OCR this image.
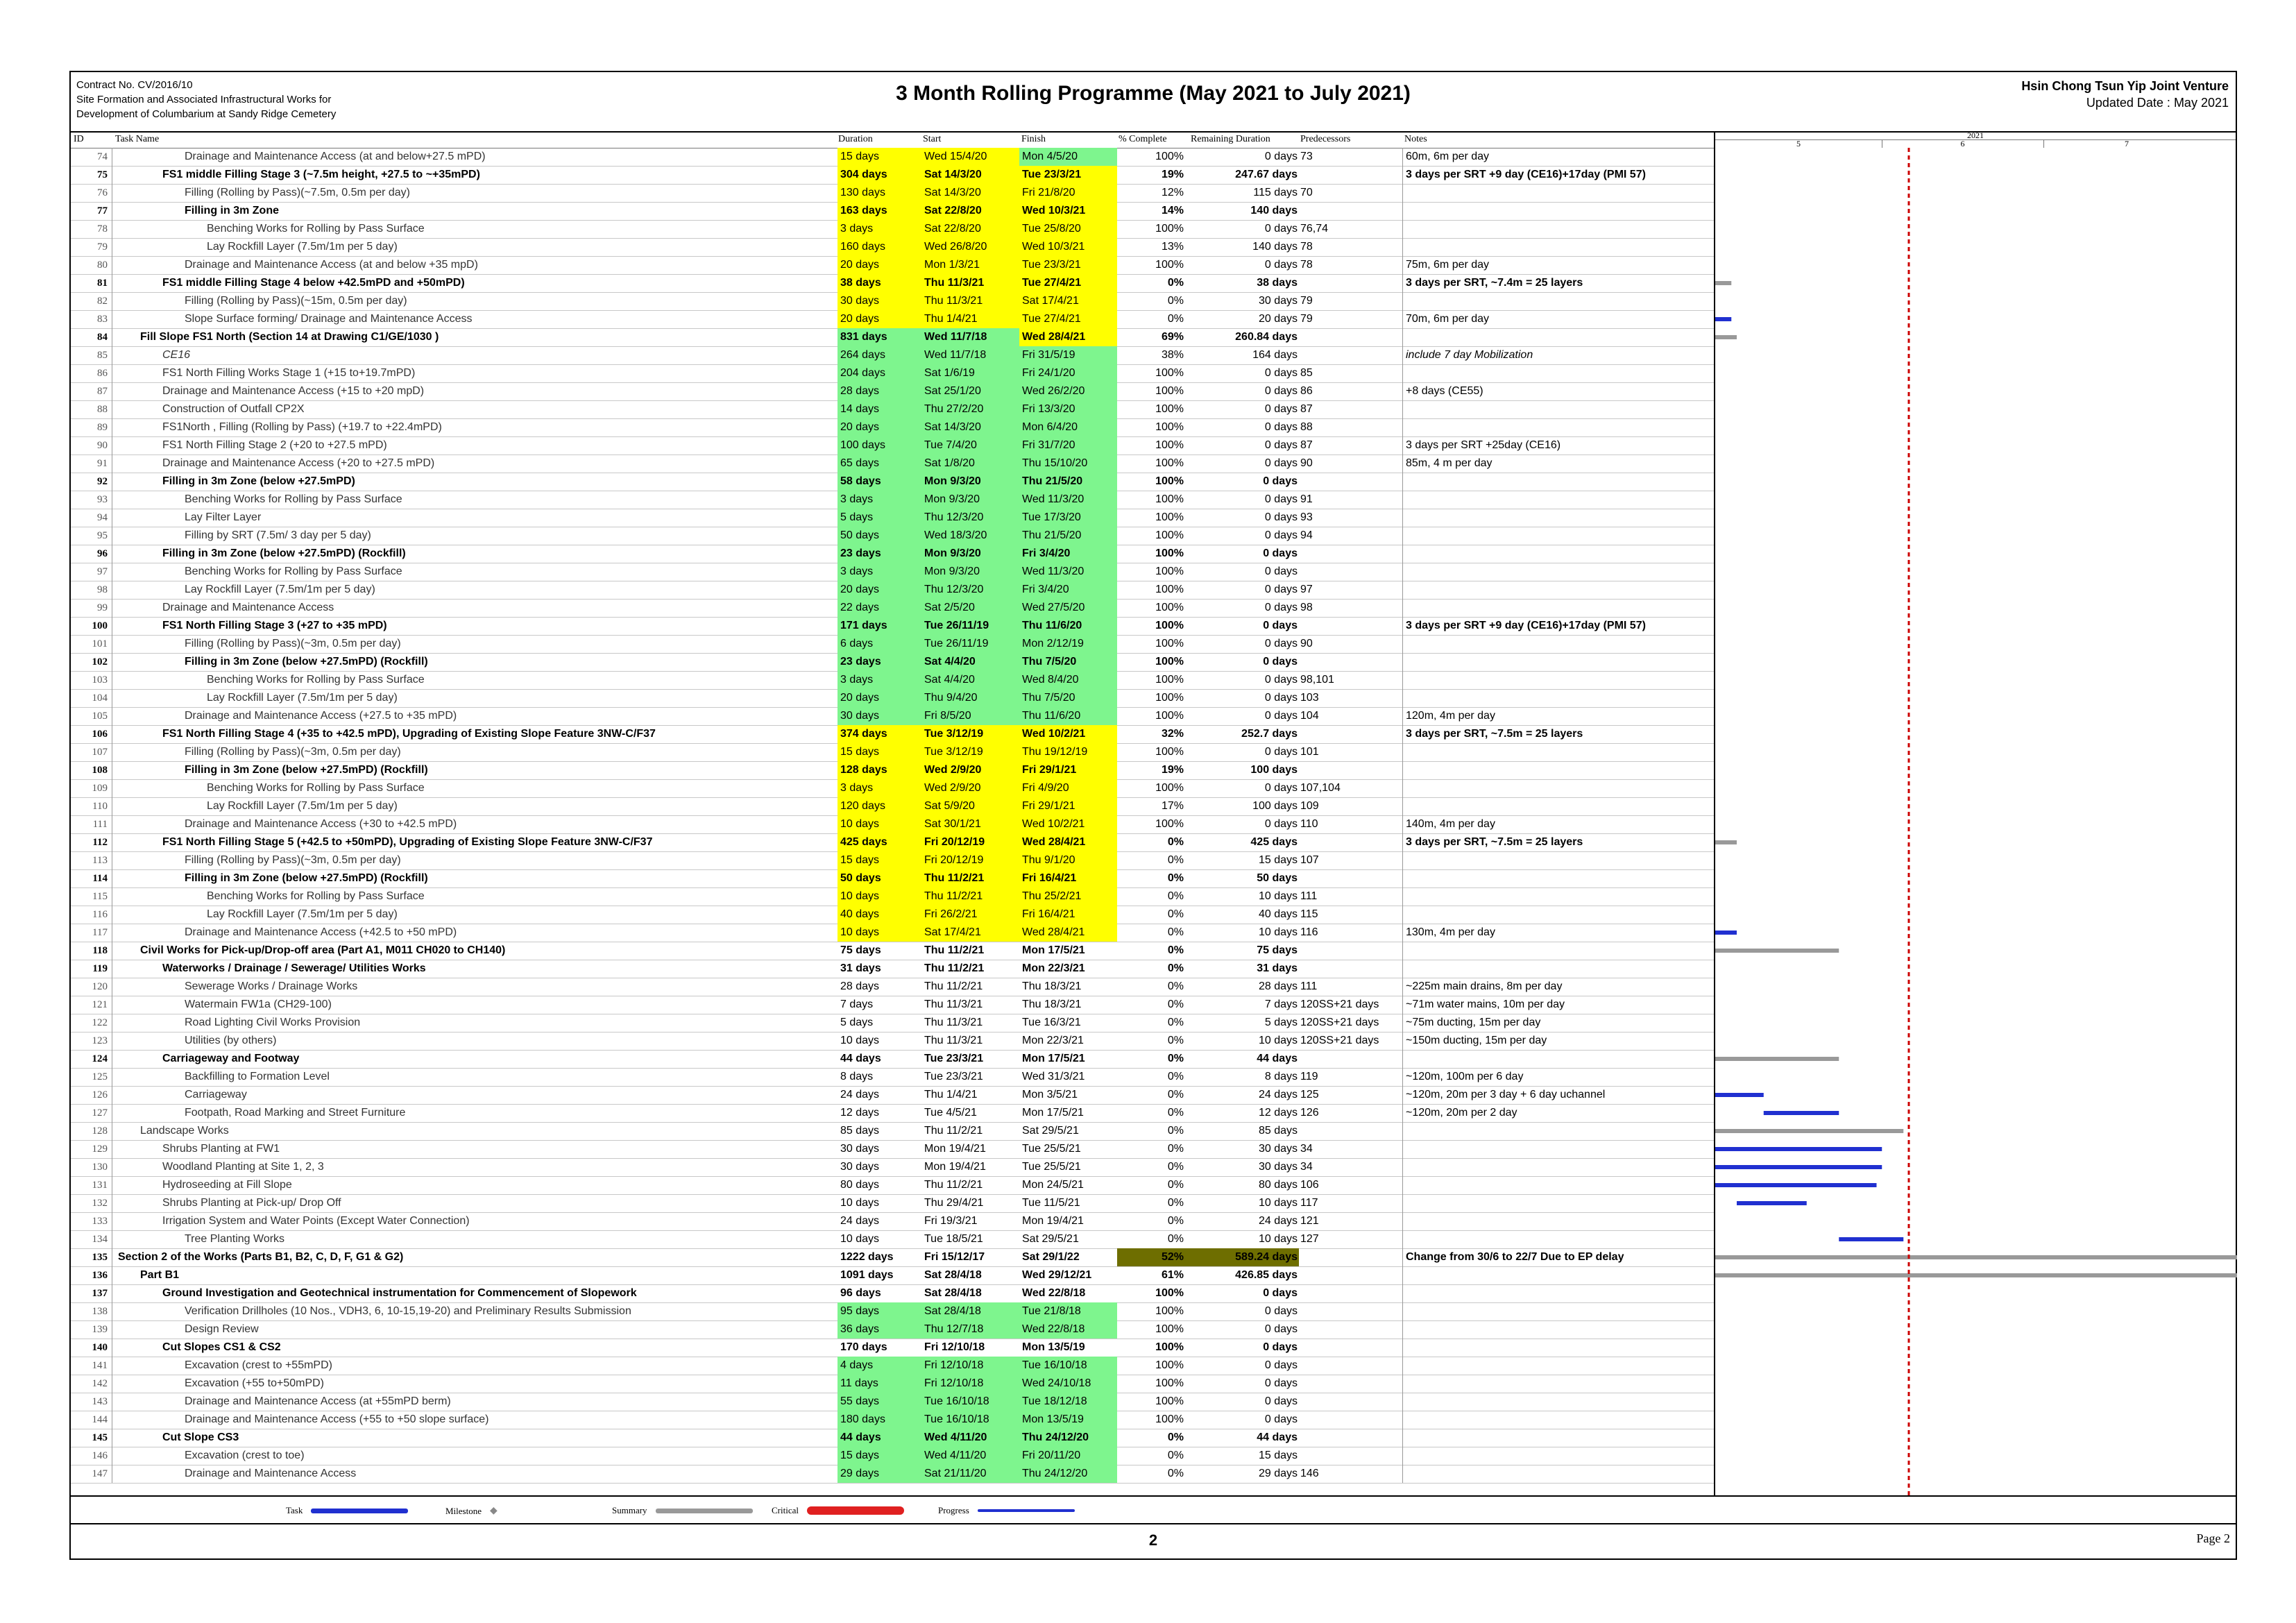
Contract No. CV/2016/10
Site Formation and Associated Infrastructural Works for
Development of Columbarium at Sandy Ridge Cemetery
3 Month Rolling Programme (May 2021 to July 2021)	Hsin Chong Tsun Yip Joint Venture
Updated Date : May 2021
ID	Task Name	Duration	Start	Finish	% Complete Remaining Duration	Predecessors	Notes
74	Drainage and Maintenance Access (at and below+27.5 mPD)	15 days	Wed 15/4/20	Mon 4/5/20	100%	0 days 73	60m, 6m per day
75	FS1 middle Filling Stage 3 (~7.5m height, +27.5 to ~+35mPD)	304 days	Sat 14/3/20	Tue 23/3/21	19%	247.67 days	3 days per SRT +9 day (CE16)+17day (PMI 57)
76	Filling (Rolling by Pass)(~7.5m, 0.5m per day)	130 days	Sat 14/3/20	Fri 21/8/20	12%	115 days 70
77	Filling in 3m Zone	163 days	Sat 22/8/20	Wed 10/3/21	14%	140 days
78	Benching Works for Rolling by Pass Surface	3 days	Sat 22/8/20	Tue 25/8/20	100%	0 days 76,74
79	Lay Rockfill Layer (7.5m/1m per 5 day)	160 days	Wed 26/8/20	Wed 10/3/21	13%	140 days 78
80	Drainage and Maintenance Access (at and below +35 mpD)	20 days	Mon 1/3/21	Tue 23/3/21	100%	0 days 78	75m, 6m per day
81	FS1 middle Filling Stage 4 below +42.5mPD and +50mPD)	38 days	Thu 11/3/21	Tue 27/4/21	0%	38 days	3 days per SRT, ~7.4m = 25 layers
82	Filling (Rolling by Pass)(~15m, 0.5m per day)	30 days	Thu 11/3/21	Sat 17/4/21	0%	30 days 79
83	Slope Surface forming/ Drainage and Maintenance Access	20 days	Thu 1/4/21	Tue 27/4/21	0%	20 days 79	70m, 6m per day
84	Fill Slope FS1 North (Section 14 at Drawing C1/GE/1030 )	831 days	Wed 11/7/18	Wed 28/4/21	69%	260.84 days
85	CE16	264 days	Wed 11/7/18	Fri 31/5/19	38%	164 days	include 7 day Mobilization
86	FS1 North Filling Works Stage 1 (+15 to+19.7mPD)	204 days	Sat 1/6/19	Fri 24/1/20	100%	0 days 85
87	Drainage and Maintenance Access (+15 to +20 mpD)	28 days	Sat 25/1/20	Wed 26/2/20	100%	0 days 86	+8 days (CE55)
88	Construction of Outfall CP2X	14 days	Thu 27/2/20	Fri 13/3/20	100%	0 days 87
89	FS1North , Filling (Rolling by Pass) (+19.7 to +22.4mPD)	20 days	Sat 14/3/20	Mon 6/4/20	100%	0 days 88
90	FS1 North Filling Stage 2 (+20 to +27.5 mPD)	100 days	Tue 7/4/20	Fri 31/7/20	100%	0 days 87	3 days per SRT +25day (CE16)
91	Drainage and Maintenance Access (+20 to +27.5 mPD)	65 days	Sat 1/8/20	Thu 15/10/20	100%	0 days 90	85m, 4 m per day
92	Filling in 3m Zone (below +27.5mPD)	58 days	Mon 9/3/20	Thu 21/5/20	100%	0 days
93	Benching Works for Rolling by Pass Surface	3 days	Mon 9/3/20	Wed 11/3/20	100%	0 days 91
94	Lay Filter Layer	5 days	Thu 12/3/20	Tue 17/3/20	100%	0 days 93
95	Filling by SRT (7.5m/ 3 day per 5 day)	50 days	Wed 18/3/20	Thu 21/5/20	100%	0 days 94
96	Filling in 3m Zone (below +27.5mPD) (Rockfill)	23 days	Mon 9/3/20	Fri 3/4/20	100%	0 days
97	Benching Works for Rolling by Pass Surface	3 days	Mon 9/3/20	Wed 11/3/20	100%	0 days
98	Lay Rockfill Layer (7.5m/1m per 5 day)	20 days	Thu 12/3/20	Fri 3/4/20	100%	0 days 97
99	Drainage and Maintenance Access	22 days	Sat 2/5/20	Wed 27/5/20	100%	0 days 98
100	FS1 North Filling Stage 3 (+27 to +35 mPD)	171 days	Tue 26/11/19	Thu 11/6/20	100%	0 days	3 days per SRT +9 day (CE16)+17day (PMI 57)
101	Filling (Rolling by Pass)(~3m, 0.5m per day)	6 days	Tue 26/11/19	Mon 2/12/19	100%	0 days 90
102	Filling in 3m Zone (below +27.5mPD) (Rockfill)	23 days	Sat 4/4/20	Thu 7/5/20	100%	0 days
103	Benching Works for Rolling by Pass Surface	3 days	Sat 4/4/20	Wed 8/4/20	100%	0 days 98,101
104	Lay Rockfill Layer (7.5m/1m per 5 day)	20 days	Thu 9/4/20	Thu 7/5/20	100%	0 days 103
105	Drainage and Maintenance Access (+27.5 to +35 mPD)	30 days	Fri 8/5/20	Thu 11/6/20	100%	0 days 104	120m, 4m per day
106	FS1 North Filling Stage 4 (+35 to +42.5 mPD), Upgrading of Existing Slope Feature 3NW-C/F37	374 days	Tue 3/12/19	Wed 10/2/21	32%	252.7 days	3 days per SRT, ~7.5m = 25 layers
107	Filling (Rolling by Pass)(~3m, 0.5m per day)	15 days	Tue 3/12/19	Thu 19/12/19	100%	0 days 101
108	Filling in 3m Zone (below +27.5mPD) (Rockfill)	128 days	Wed 2/9/20	Fri 29/1/21	19%	100 days
109	Benching Works for Rolling by Pass Surface	3 days	Wed 2/9/20	Fri 4/9/20	100%	0 days 107,104
110	Lay Rockfill Layer (7.5m/1m per 5 day)	120 days	Sat 5/9/20	Fri 29/1/21	17%	100 days 109
111	Drainage and Maintenance Access (+30 to +42.5 mPD)	10 days	Sat 30/1/21	Wed 10/2/21	100%	0 days 110	140m, 4m per day
112	FS1 North Filling Stage 5 (+42.5 to +50mPD), Upgrading of Existing Slope Feature 3NW-C/F37	425 days	Fri 20/12/19	Wed 28/4/21	0%	425 days	3 days per SRT, ~7.5m = 25 layers
113	Filling (Rolling by Pass)(~3m, 0.5m per day)	15 days	Fri 20/12/19	Thu 9/1/20	0%	15 days 107
114	Filling in 3m Zone (below +27.5mPD) (Rockfill)	50 days	Thu 11/2/21	Fri 16/4/21	0%	50 days
115	Benching Works for Rolling by Pass Surface	10 days	Thu 11/2/21	Thu 25/2/21	0%	10 days 111
116	Lay Rockfill Layer (7.5m/1m per 5 day)	40 days	Fri 26/2/21	Fri 16/4/21	0%	40 days 115
117	Drainage and Maintenance Access (+42.5 to +50 mPD)	10 days	Sat 17/4/21	Wed 28/4/21	0%	10 days 116	130m, 4m per day
118	Civil Works for Pick-up/Drop-off area (Part A1, M011 CH020 to CH140)	75 days	Thu 11/2/21	Mon 17/5/21	0%	75 days
119	Waterworks / Drainage / Sewerage/ Utilities Works	31 days	Thu 11/2/21	Mon 22/3/21	0%	31 days
120	Sewerage Works / Drainage Works	28 days	Thu 11/2/21	Thu 18/3/21	0%	28 days 111	~225m main drains, 8m per day
121	Watermain FW1a (CH29-100)	7 days	Thu 11/3/21	Thu 18/3/21	0%	7 days 120SS+21 days	~71m water mains, 10m per day
122	Road Lighting Civil Works Provision	5 days	Thu 11/3/21	Tue 16/3/21	0%	5 days 120SS+21 days	~75m ducting, 15m per day
123	Utilities (by others)	10 days	Thu 11/3/21	Mon 22/3/21	0%	10 days 120SS+21 days	~150m ducting, 15m per day
124	Carriageway and Footway	44 days	Tue 23/3/21	Mon 17/5/21	0%	44 days
125	Backfilling to Formation Level	8 days	Tue 23/3/21	Wed 31/3/21	0%	8 days 119	~120m, 100m per 6 day
126	Carriageway	24 days	Thu 1/4/21	Mon 3/5/21	0%	24 days 125	~120m, 20m per 3 day + 6 day uchannel
127	Footpath, Road Marking and Street Furniture	12 days	Tue 4/5/21	Mon 17/5/21	0%	12 days 126	~120m, 20m per 2 day
128	Landscape Works	85 days	Thu 11/2/21	Sat 29/5/21	0%	85 days
129	Shrubs Planting at FW1	30 days	Mon 19/4/21	Tue 25/5/21	0%	30 days 34
130	Woodland Planting at Site 1, 2, 3	30 days	Mon 19/4/21	Tue 25/5/21	0%	30 days 34
131	Hydroseeding at Fill Slope	80 days	Thu 11/2/21	Mon 24/5/21	0%	80 days 106
132	Shrubs Planting at Pick-up/ Drop Off	10 days	Thu 29/4/21	Tue 11/5/21	0%	10 days 117
133	Irrigation System and Water Points (Except Water Connection)	24 days	Fri 19/3/21	Mon 19/4/21	0%	24 days 121
134	Tree Planting Works	10 days	Tue 18/5/21	Sat 29/5/21	0%	10 days 127
135 Section 2 of the Works (Parts B1, B2, C, D, F, G1 & G2)	1222 days	Fri 15/12/17	Sat 29/1/22	52%	589.24 days	Change from 30/6 to 22/7 Due to EP delay
136	Part B1	1091 days	Sat 28/4/18	Wed 29/12/21	61%	426.85 days
137	Ground Investigation and Geotechnical instrumentation for Commencement of Slopework	96 days	Sat 28/4/18	Wed 22/8/18	100%	0 days
138	Verification Drillholes (10 Nos., VDH3, 6, 10-15,19-20) and Preliminary Results Submission	95 days	Sat 28/4/18	Tue 21/8/18	100%	0 days
139	Design Review	36 days	Thu 12/7/18	Wed 22/8/18	100%	0 days
140	Cut Slopes CS1 & CS2	170 days	Fri 12/10/18	Mon 13/5/19	100%	0 days
141	Excavation (crest to +55mPD)	4 days	Fri 12/10/18	Tue 16/10/18	100%	0 days
142	Excavation (+55 to+50mPD)	11 days	Fri 12/10/18	Wed 24/10/18	100%	0 days
143	Drainage and Maintenance Access (at +55mPD berm)	55 days	Tue 16/10/18	Tue 18/12/18	100%	0 days
144	Drainage and Maintenance Access (+55 to +50 slope surface)	180 days	Tue 16/10/18	Mon 13/5/19	100%	0 days
145	Cut Slope CS3	44 days	Wed 4/11/20	Thu 24/12/20	0%	44 days
146	Excavation (crest to toe)	15 days	Wed 4/11/20	Fri 20/11/20	0%	15 days
147	Drainage and Maintenance Access	29 days	Sat 21/11/20	Thu 24/12/20	0%	29 days 146
2021
5	6	7
Task	Milestone ◆	Summary	Critical	Progress
2	Page 2
